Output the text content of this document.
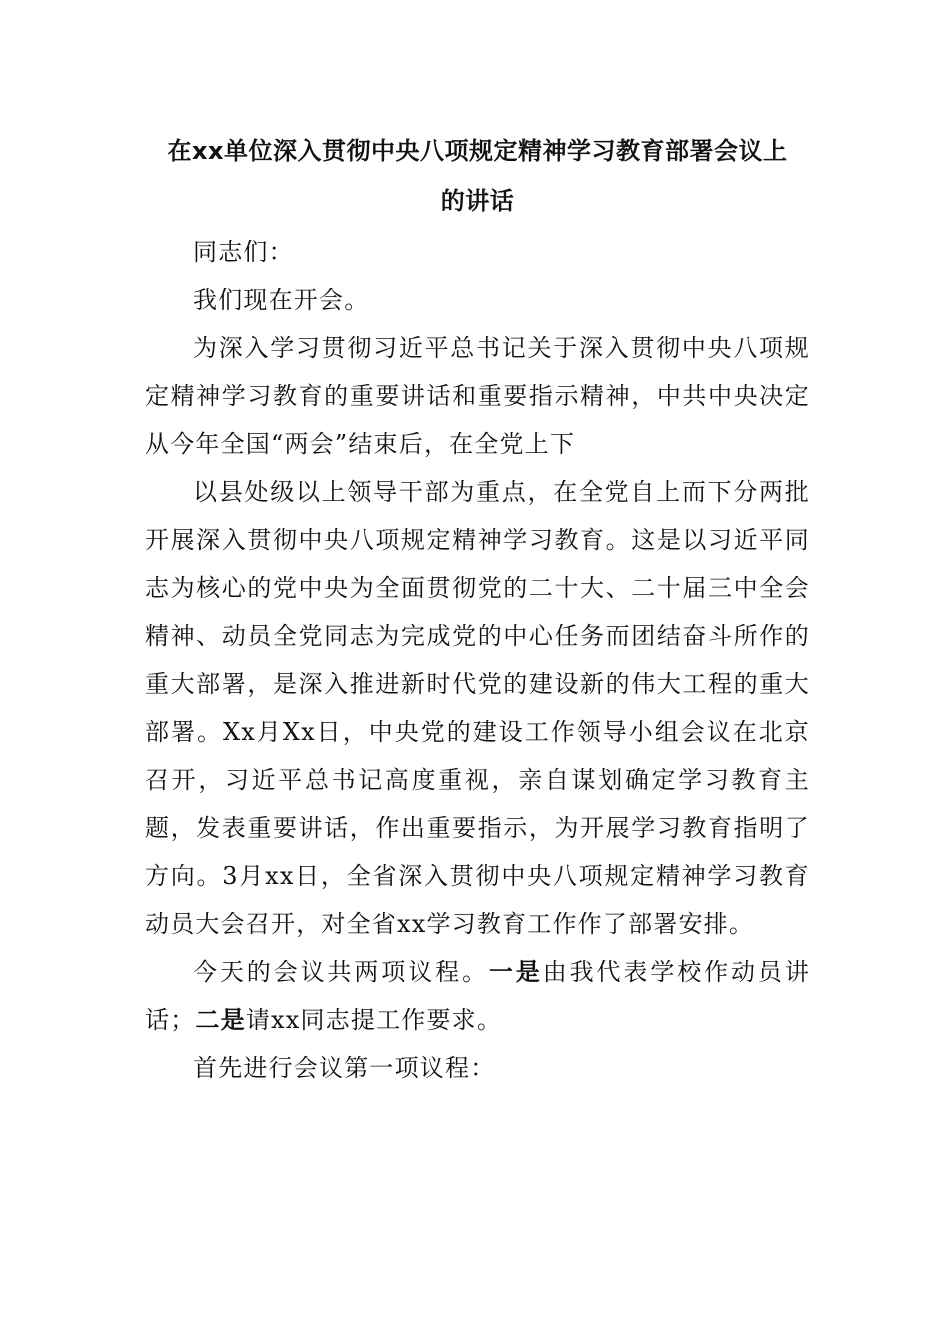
在xx单位深入贯彻中央八项规定精神学习教育部署会议上
的讲话

同志们：

我们现在开会。

为深入学习贯彻习近平总书记关于深入贯彻中央八项规定精神学习教育的重要讲话和重要指示精神，中共中央决定从今年全国“两会”结束后，在全党上下

以县处级以上领导干部为重点，在全党自上而下分两批开展深入贯彻中央八项规定精神学习教育。这是以习近平同志为核心的党中央为全面贯彻党的二十大、二十届三中全会精神、动员全党同志为完成党的中心任务而团结奋斗所作的重大部署，是深入推进新时代党的建设新的伟大工程的重大部署。Xx月Xx日，中央党的建设工作领导小组会议在北京召开，习近平总书记高度重视，亲自谋划确定学习教育主题，发表重要讲话，作出重要指示，为开展学习教育指明了方向。3月xx日，全省深入贯彻中央八项规定精神学习教育动员大会召开，对全省xx学习教育工作作了部署安排。

今天的会议共两项议程。一是由我代表学校作动员讲话；二是请xx同志提工作要求。

首先进行会议第一项议程：
